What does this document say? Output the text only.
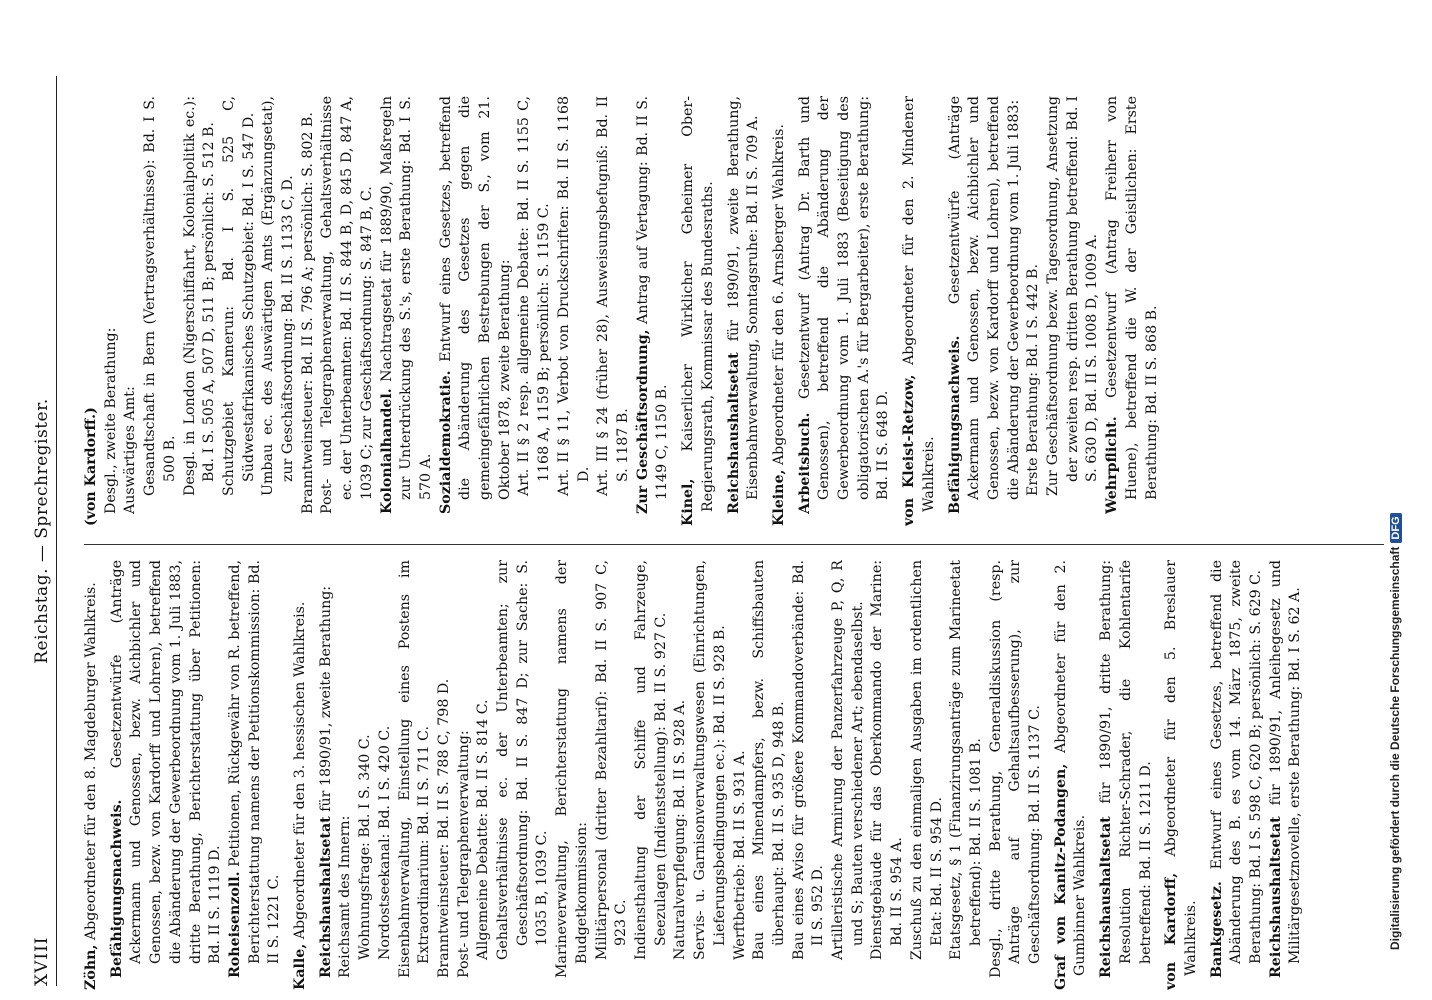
XVIII
Reichstag. — Sprechregister.

Zöhn, Abgeordneter für den 8. Magdeburger Wahlkreis. Befähigungsnachweis. Gesetzentwürfe (Anträge Ackermann und Genossen, bezw. Aichbichler und Genossen, bezw. von Kardorff und Lohren), betreffend die Abänderung der Gewerbeordnung vom 1. Juli 1883, dritte Berathung, Berichterstattung über Petitionen: Bd. II S. 1119 D. Roheisenzoll. Petitionen, Rückgewähr von R. betreffend, Berichterstattung namens der Petitionskommission: Bd. II S. 1221 C.

Kalle, Abgeordneter für den 3. hessischen Wahlkreis. Reichshaushaltsetat für 1890/91, zweite Berathung:

Reichsamt des Innern: Wohnungsfrage: Bd. I S. 340 C. Nordostseekanal: Bd. I S. 420 C. Eisenbahnverwaltung, Einstellung eines Postens im Extraordinarium: Bd. II S. 711 C. Branntweinsteuer: Bd. II S. 788 C, 798 D. Post- und Telegraphenverwaltung: Allgemeine Debatte: Bd. II S. 814 C. Gehaltsverhältnisse ec. der Unterbeamten; zur Geschäftsordnung: Bd. II S. 847 D; zur Sache: S. 1035 B, 1039 C. Marineverwaltung, Berichterstattung namens der Budgetkommission: Militärpersonal (dritter Bezahltarif): Bd. II S. 907 C, 923 C. Indiensthaltung der Schiffe und Fahrzeuge, Seezulagen (Indienststellung): Bd. II S. 927 C. Naturalverpflegung: Bd. II S. 928 A. Servis- u. Garnisonverwaltungswesen (Einrichtungen, Lieferungsbedingungen ec.): Bd. II S. 928 B. Werftbetrieb: Bd. II S. 931 A. Bau eines Minendampfers, bezw. Schiffsbauten überhaupt: Bd. II S. 935 D, 948 B. Bau eines Aviso für größere Kommandoverbände: Bd. II S. 952 D. Artilleristische Armirung der Panzerfahrzeuge P, Q, R und S; Bauten verschiedener Art; ebendaselbst. Dienstgebäude für das Oberkommando der Marine: Bd. II S. 954 A. Zuschuß zu den einmaligen Ausgaben im ordentlichen Etat: Bd. II S. 954 D. Etatsgesetz, § 1 (Finanzirungsanträge zum Marineetat betreffend): Bd. II S. 1081 B. Desgl., dritte Berathung, Generaldiskussion (resp. Anträge auf Gehaltsaufbesserung), zur Geschäftsordnung: Bd. II S. 1137 C. Graf von Kanitz-Podangen, Abgeordneter für den 2. Gumbinner Wahlkreis. Reichshaushaltsetat für 1890/91, dritte Berathung: Resolution Richter-Schrader, die Kohlentarife betreffend: Bd. II S. 1211 D. von Kardorff, Abgeordneter für den 5. Breslauer Wahlkreis. Bankgesetz. Entwurf eines Gesetzes, betreffend die Abänderung des B. es vom 14. März 1875, zweite Berathung: Bd. I S. 598 C, 620 B; persönlich: S. 629 C. Reichshaushaltsetat für 1890/91, Anleihegesetz und Militärgesetznovelle, erste Berathung: Bd. I S. 62 A.

(von Kardorff.) Desgl., zweite Berathung: Auswärtiges Amt: Gesandtschaft in Bern (Vertragsverhältnisse): Bd. I S. 500 B. Desgl. in London (Nigerschiffahrt, Kolonialpolitik ec.): Bd. I S. 505 A, 507 D, 511 B; persönlich: S. 512 B. Schutzgebiet Kamerun: Bd. I S. 525 C, Südwestafrikanisches Schutzgebiet: Bd. I S. 547 D. Umbau ec. des Auswärtigen Amts (Ergänzungsetat), zur Geschäftsordnung: Bd. II S. 1133 C, D. Branntweinsteuer: Bd. II S. 796 A; persönlich: S. 802 B. Post- und Telegraphenverwaltung, Gehaltsverhältnisse ec. der Unterbeamten: Bd. II S. 844 B, D, 845 D, 847 A, 1039 C; zur Geschäftsordnung: S. 847 B, C. Kolonialhandel. Nachtragsetat für 1889/90, Maßregeln zur Unterdrückung des S.'s, erste Berathung: Bd. I S. 570 A. Sozialdemokratie. Entwurf eines Gesetzes, betreffend die Abänderung des Gesetzes gegen die gemeingefährlichen Bestrebungen der S., vom 21. Oktober 1878, zweite Berathung: Art. II § 2 resp. allgemeine Debatte: Bd. II S. 1155 C, 1168 A, 1159 B; persönlich: S. 1159 C. Art. II § 11, Verbot von Druckschriften: Bd. II S. 1168 D. Art. III § 24 (früher 28), Ausweisungsbefugniß: Bd. II S. 1187 B. Zur Geschäftsordnung, Antrag auf Vertagung: Bd. II S. 1149 C, 1150 B.

Kinel, Kaiserlicher Wirklicher Geheimer Ober-Regierungsrath, Kommissar des Bundesraths. Reichshaushaltsetat für 1890/91, zweite Berathung, Eisenbahnverwaltung, Sonntagsruhe: Bd. II S. 709 A. Kleine, Abgeordneter für den 6. Arnsberger Wahlkreis. Arbeitsbuch. Gesetzentwurf (Antrag Dr. Barth und Genossen), betreffend die Abänderung der Gewerbeordnung vom 1. Juli 1883 (Beseitigung des obligatorischen A.'s für Bergarbeiter), erste Berathung: Bd. II S. 648 D. von Kleist-Retzow, Abgeordneter für den 2. Mindener Wahlkreis. Befähigungsnachweis. Gesetzentwürfe (Anträge Ackermann und Genossen, bezw. Aichbichler und Genossen, bezw. von Kardorff und Lohren), betreffend die Abänderung der Gewerbeordnung vom 1. Juli 1883: Erste Berathung: Bd. I S. 442 B. Zur Geschäftsordnung bezw. Tagesordnung, Ansetzung der zweiten resp. dritten Berathung betreffend: Bd. I S. 630 D, Bd. II S. 1008 D, 1009 A. Wehrpflicht. Gesetzentwurf (Antrag Freiherr von Huene), betreffend die W. der Geistlichen: Erste Berathung: Bd. II S. 868 B.

Digitalisierung gefördert durch die Deutsche ForschungsgemeinschaftDFG
